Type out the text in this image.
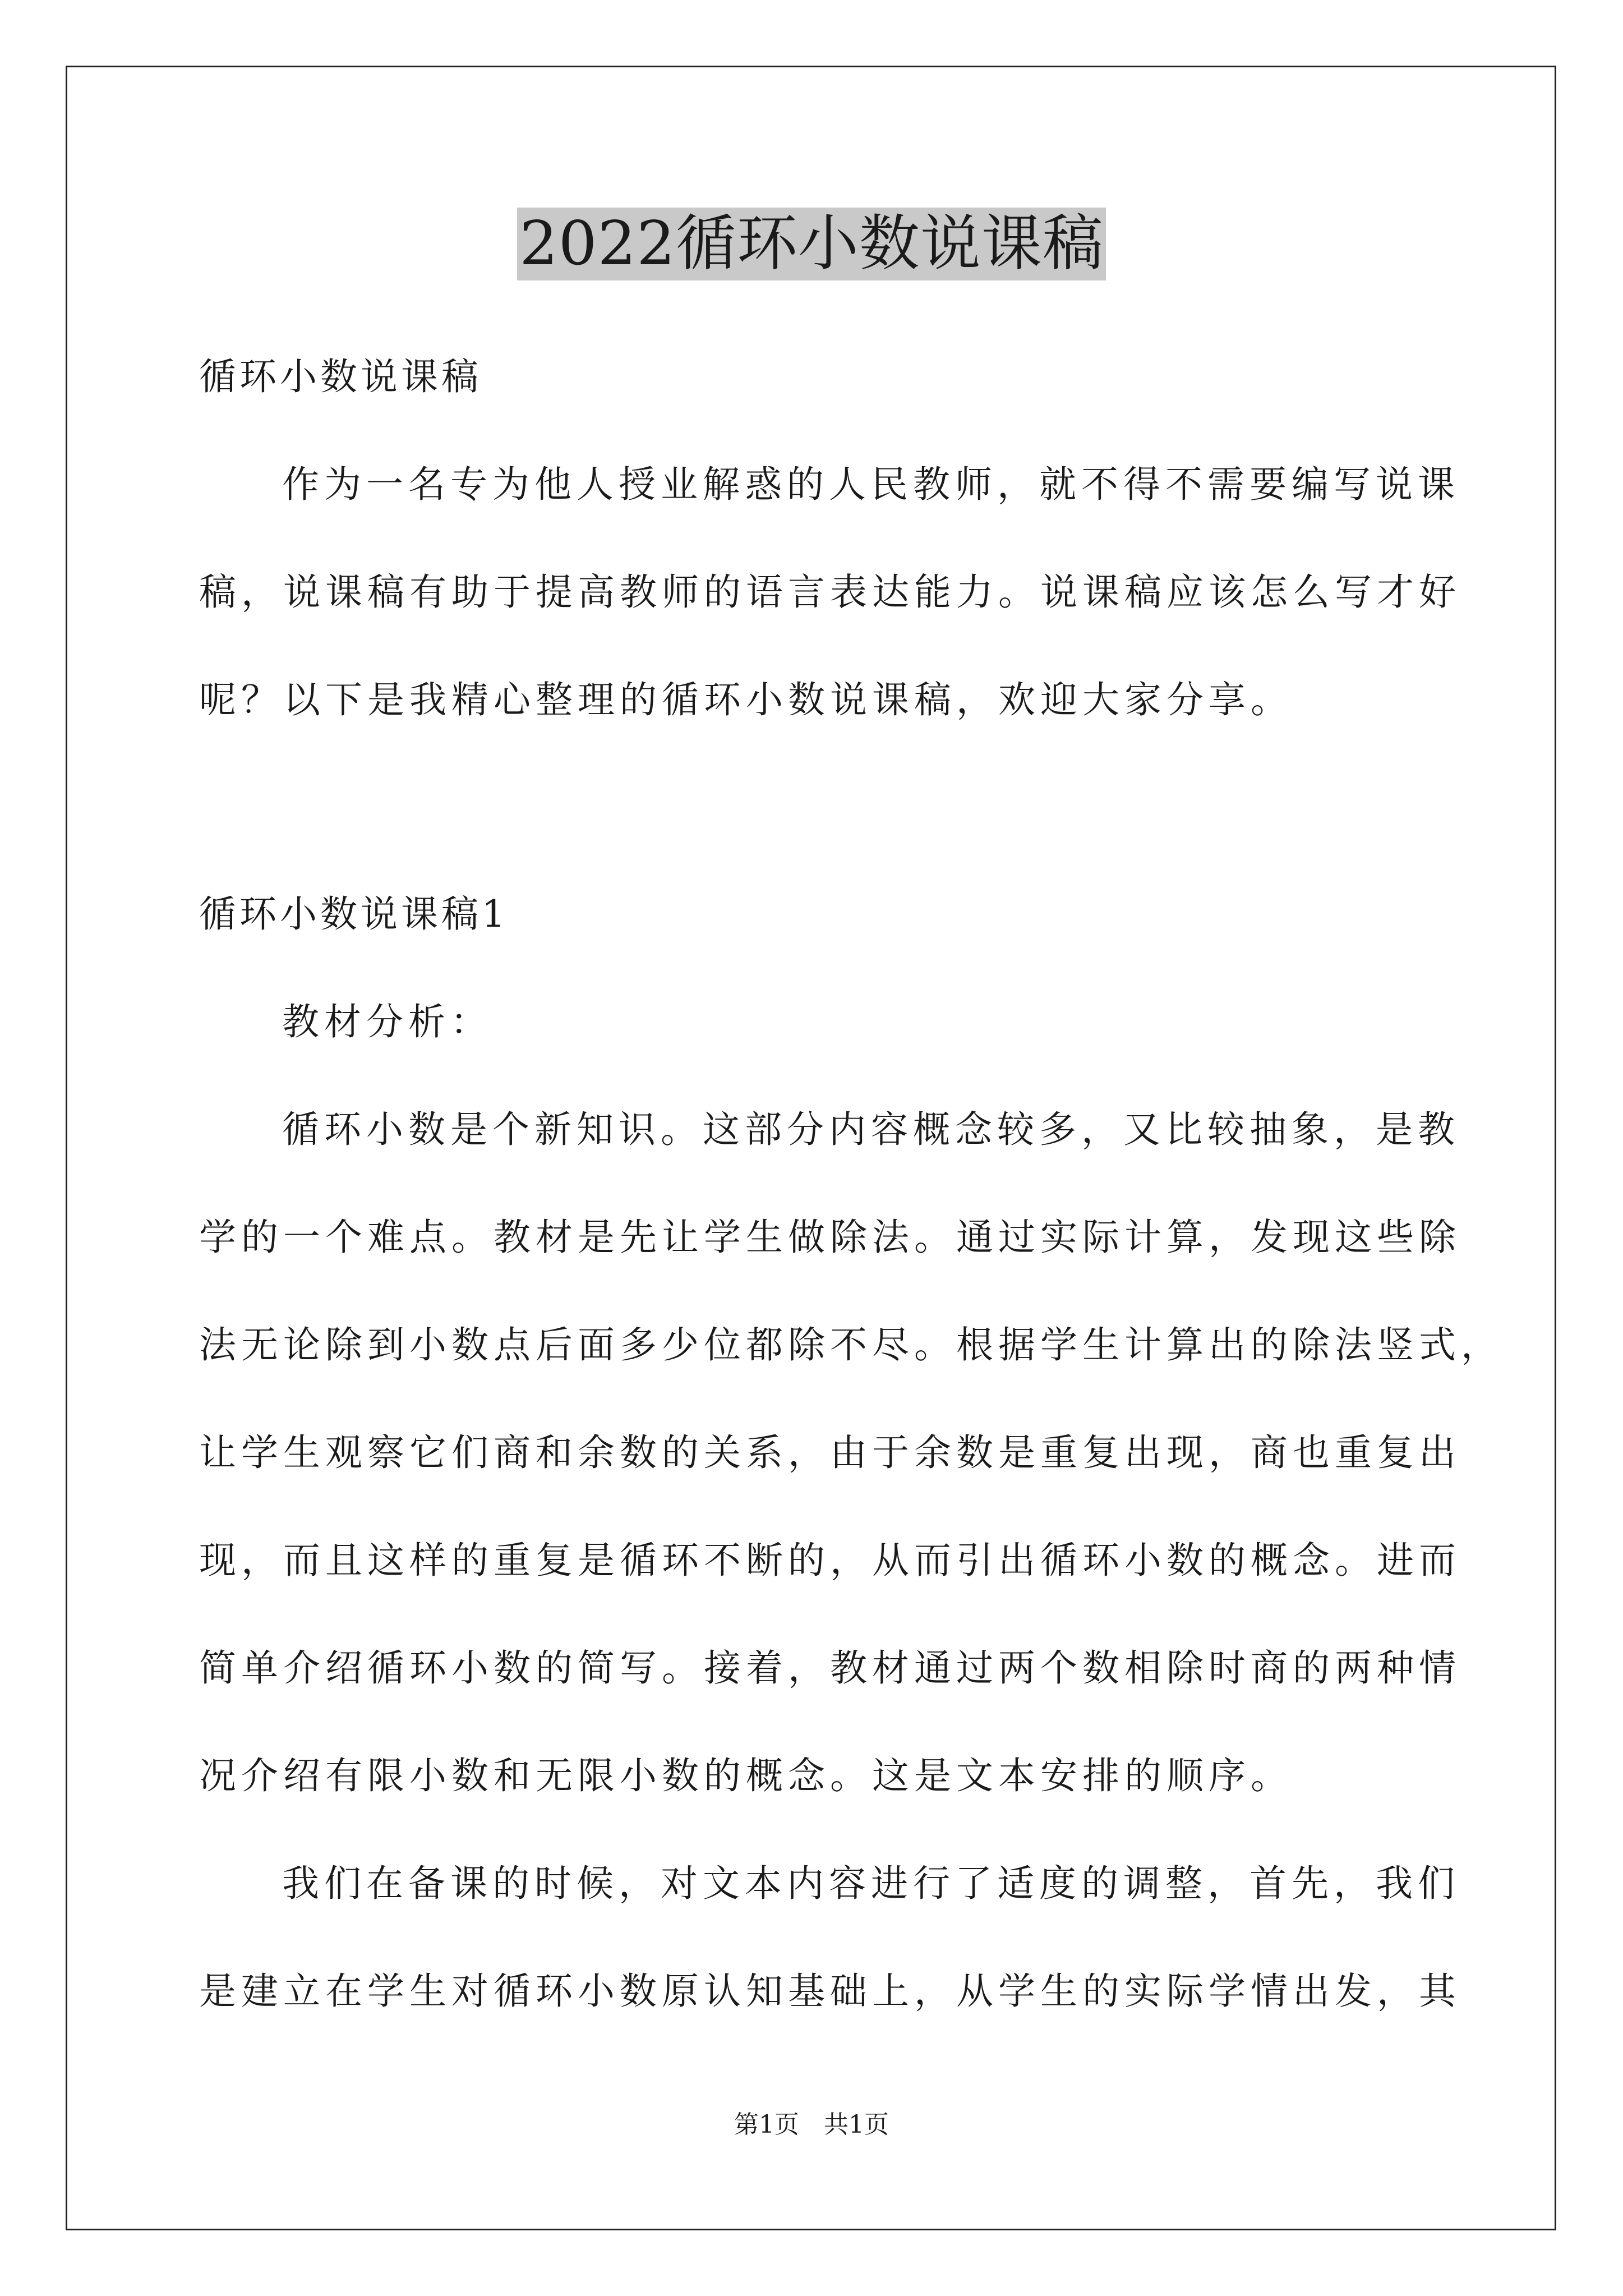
2022循环小数说课稿
循环小数说课稿
作为一名专为他人授业解惑的人民教师，就不得不需要编写说课
稿，说课稿有助于提高教师的语言表达能力。说课稿应该怎么写才好
呢？以下是我精心整理的循环小数说课稿，欢迎大家分享。
循环小数说课稿1
教材分析：
循环小数是个新知识。这部分内容概念较多，又比较抽象，是教
学的一个难点。教材是先让学生做除法。通过实际计算，发现这些除
法无论除到小数点后面多少位都除不尽。根据学生计算出的除法竖式，
让学生观察它们商和余数的关系，由于余数是重复出现，商也重复出
现，而且这样的重复是循环不断的，从而引出循环小数的概念。进而
简单介绍循环小数的简写。接着，教材通过两个数相除时商的两种情
况介绍有限小数和无限小数的概念。这是文本安排的顺序。
我们在备课的时候，对文本内容进行了适度的调整，首先，我们
是建立在学生对循环小数原认知基础上，从学生的实际学情出发，其
第1页　共1页
